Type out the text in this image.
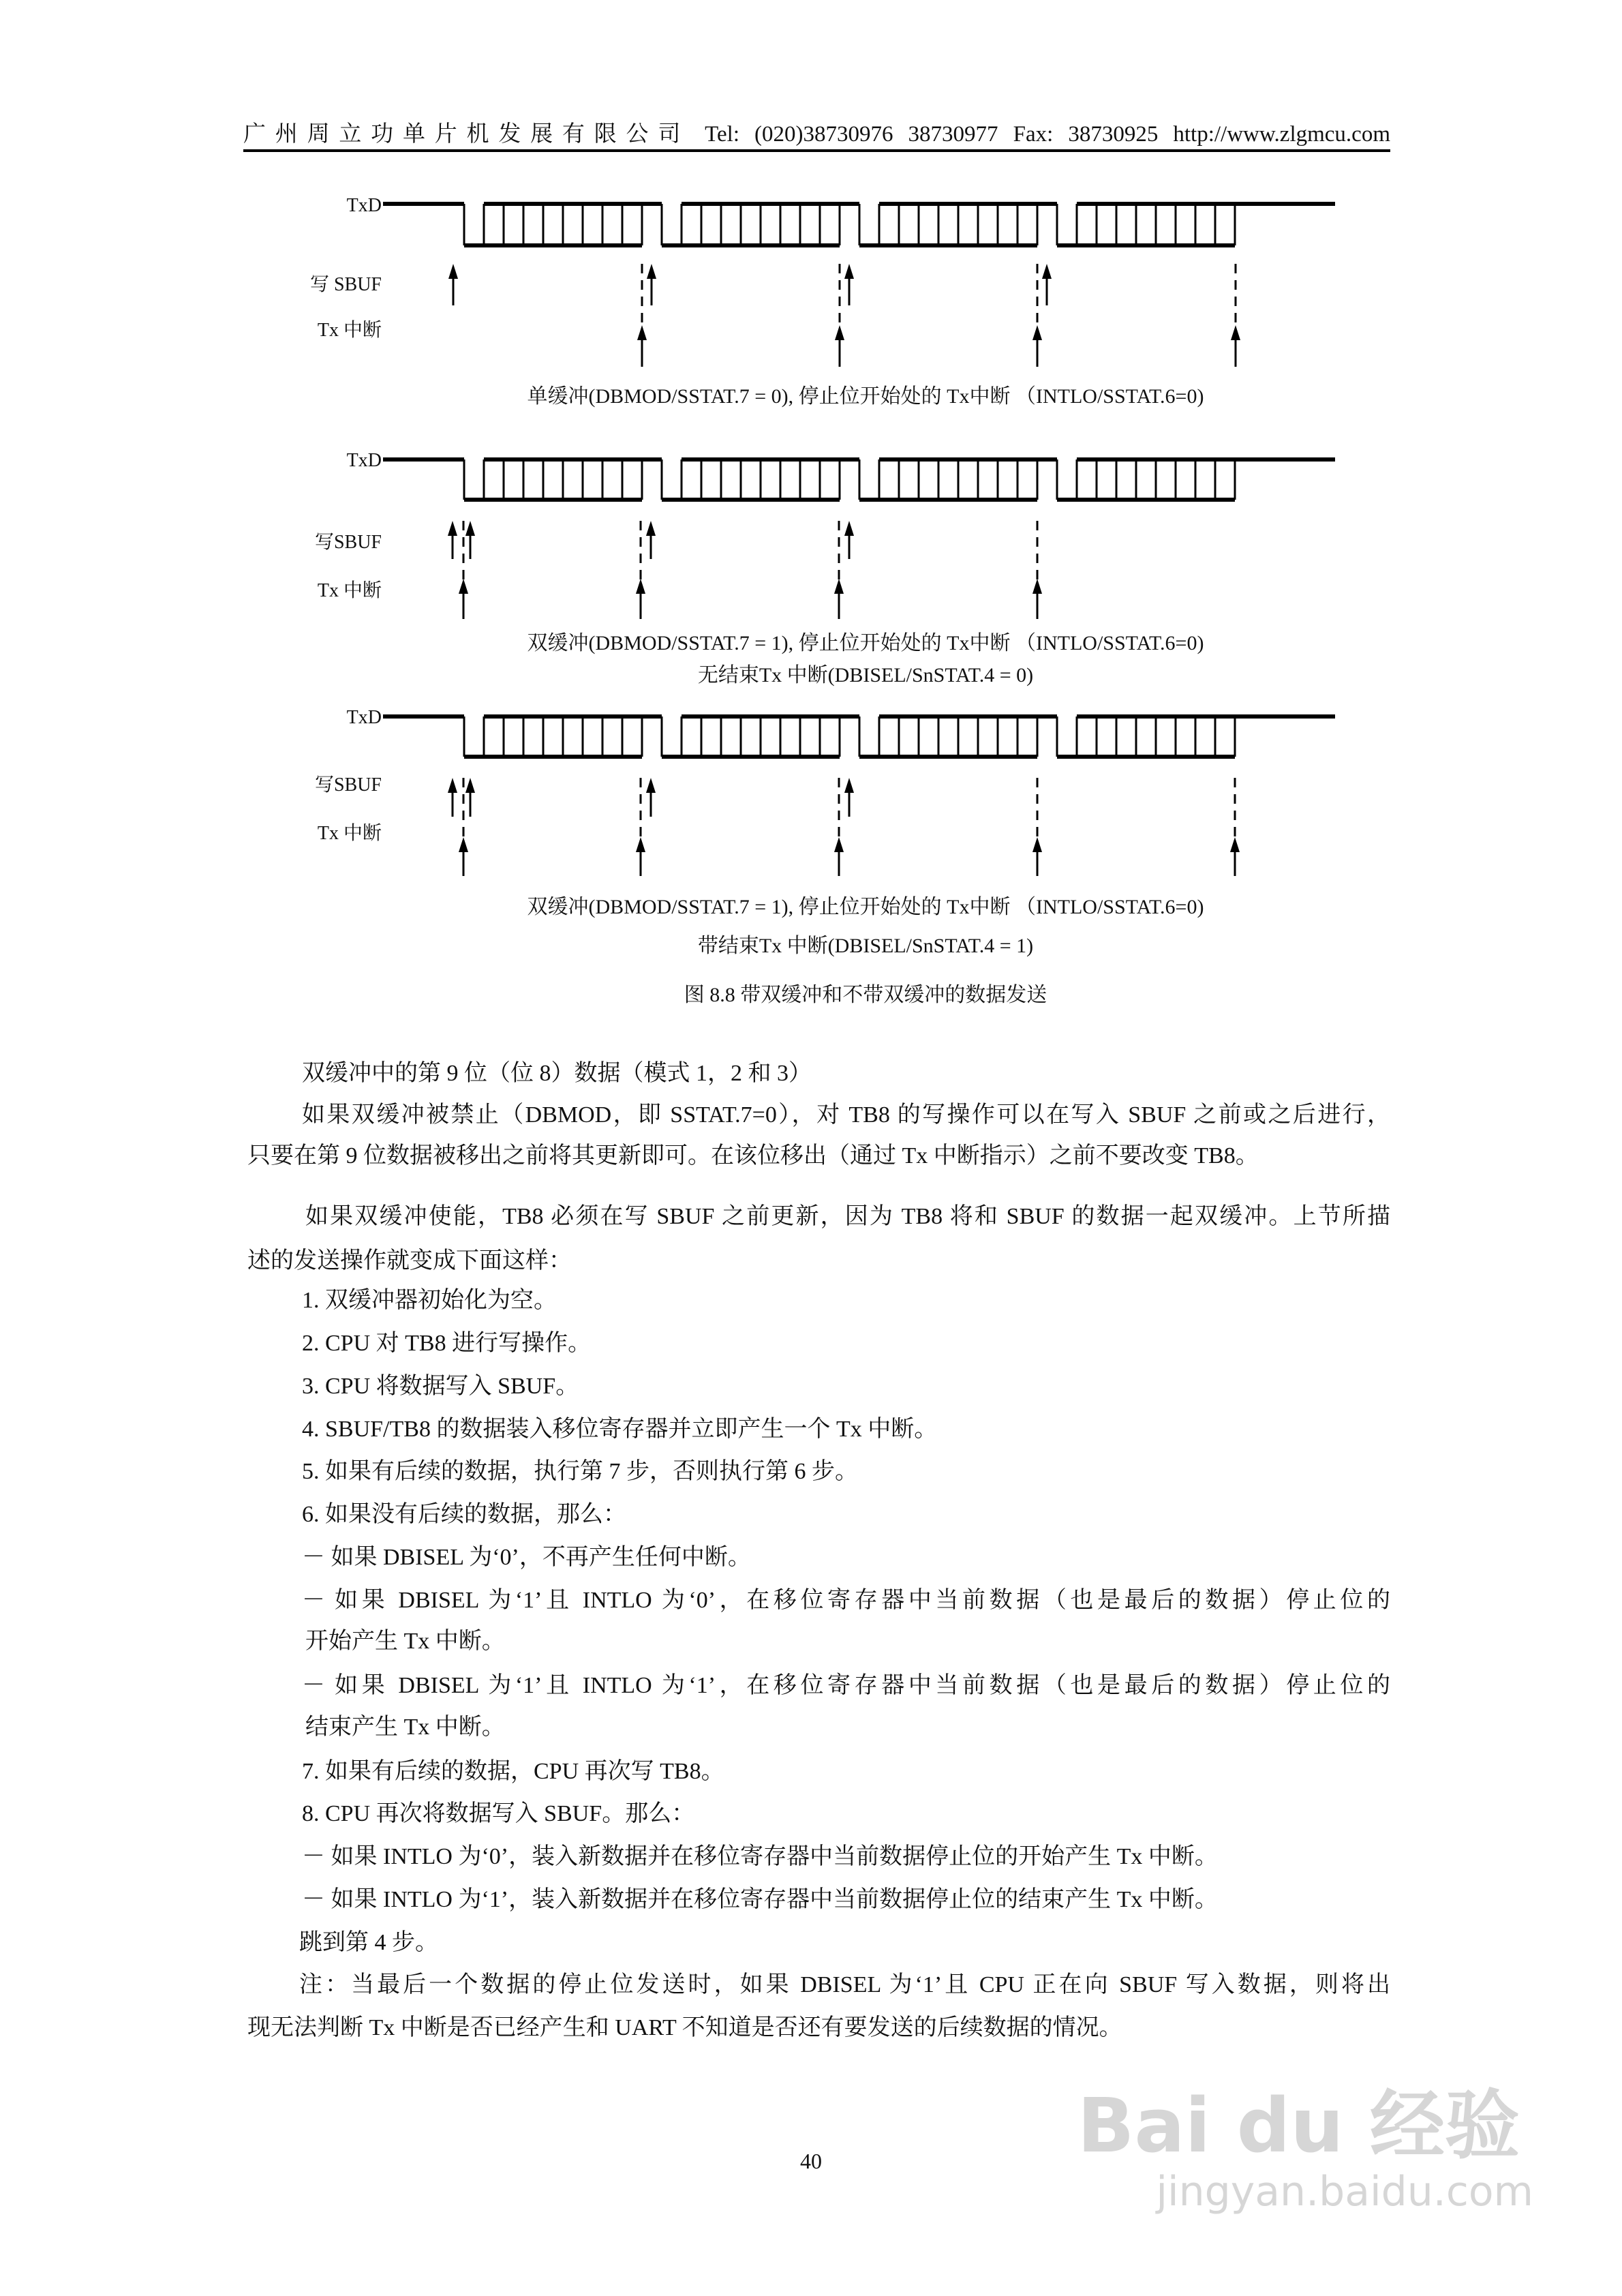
广州周立功单片机发展有限公司 Tel: (020)38730976 38730977 Fax: 38730925 http://www.zlgmcu.com
TxD
写 SBUF
Tx 中断
单缓冲(DBMOD/SSTAT.7 = 0), 停止位开始处的 Tx中断 （INTLO/SSTAT.6=0)
TxD
写SBUF
Tx 中断
双缓冲(DBMOD/SSTAT.7 = 1), 停止位开始处的 Tx中断 （INTLO/SSTAT.6=0)
无结束Tx 中断(DBISEL/SnSTAT.4 = 0)
TxD
写SBUF
Tx 中断
双缓冲(DBMOD/SSTAT.7 = 1), 停止位开始处的 Tx中断 （INTLO/SSTAT.6=0)
带结束Tx 中断(DBISEL/SnSTAT.4 = 1)
图 8.8 带双缓冲和不带双缓冲的数据发送
双缓冲中的第 9 位（位 8）数据（模式 1，2 和 3）
如果双缓冲被禁止（DBMOD，即 SSTAT.7=0），对 TB8 的写操作可以在写入 SBUF 之前或之后进行，
只要在第 9 位数据被移出之前将其更新即可。在该位移出（通过 Tx 中断指示）之前不要改变 TB8。
如果双缓冲使能，TB8 必须在写 SBUF 之前更新，因为 TB8 将和 SBUF 的数据一起双缓冲。上节所描
述的发送操作就变成下面这样：
1. 双缓冲器初始化为空。
2. CPU 对 TB8 进行写操作。
3. CPU 将数据写入 SBUF。
4. SBUF/TB8 的数据装入移位寄存器并立即产生一个 Tx 中断。
5. 如果有后续的数据，执行第 7 步，否则执行第 6 步。
6. 如果没有后续的数据，那么：
－ 如果 DBISEL 为‘0’，不再产生任何中断。
－ 如果 DBISEL 为‘1’且 INTLO 为‘0’，在移位寄存器中当前数据（也是最后的数据）停止位的
开始产生 Tx 中断。
－ 如果 DBISEL 为‘1’且 INTLO 为‘1’，在移位寄存器中当前数据（也是最后的数据）停止位的
结束产生 Tx 中断。
7. 如果有后续的数据，CPU 再次写 TB8。
8. CPU 再次将数据写入 SBUF。那么：
－ 如果 INTLO 为‘0’，装入新数据并在移位寄存器中当前数据停止位的开始产生 Tx 中断。
－ 如果 INTLO 为‘1’，装入新数据并在移位寄存器中当前数据停止位的结束产生 Tx 中断。
跳到第 4 步。
注：当最后一个数据的停止位发送时，如果 DBISEL 为‘1’且 CPU 正在向 SBUF 写入数据，则将出
现无法判断 Tx 中断是否已经产生和 UART 不知道是否还有要发送的后续数据的情况。
40	Bai du 经验
jingyan.baidu.com
